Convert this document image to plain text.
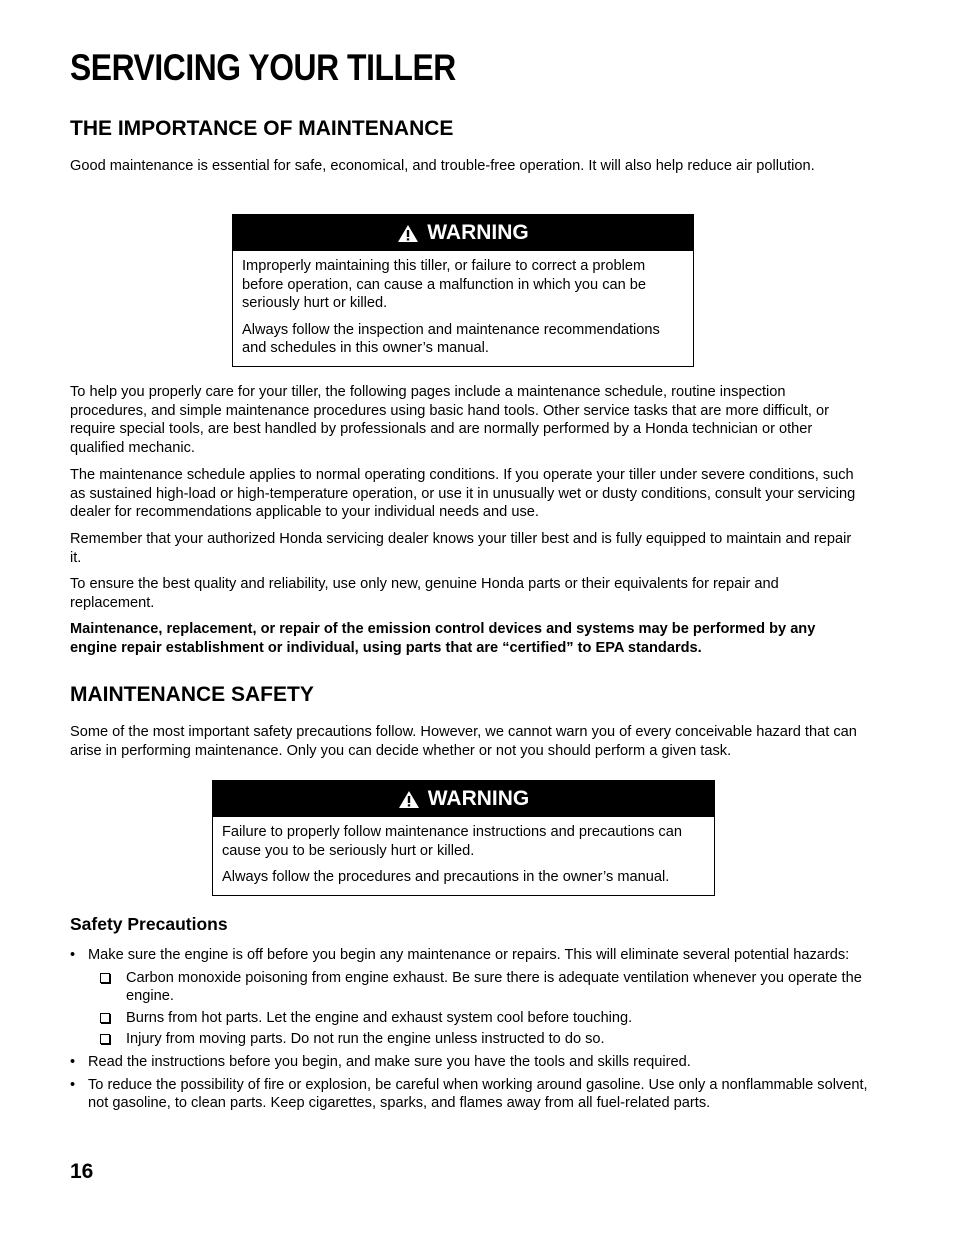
SERVICING YOUR TILLER
THE IMPORTANCE OF MAINTENANCE

Good maintenance is essential for safe, economical, and trouble-free operation. It will also help reduce air pollution.

WARNING

Improperly maintaining this tiller, or failure to correct a problem before operation, can cause a malfunction in which you can be seriously hurt or killed.

Always follow the inspection and maintenance recommendations and schedules in this owner’s manual.

To help you properly care for your tiller, the following pages include a maintenance schedule, routine inspection procedures, and simple maintenance procedures using basic hand tools. Other service tasks that are more difficult, or require special tools, are best handled by professionals and are normally performed by a Honda technician or other qualified mechanic.

The maintenance schedule applies to normal operating conditions. If you operate your tiller under severe conditions, such as sustained high-load or high-temperature operation, or use it in unusually wet or dusty conditions, consult your servicing dealer for recommendations applicable to your individual needs and use.

Remember that your authorized Honda servicing dealer knows your tiller best and is fully equipped to maintain and repair it.

To ensure the best quality and reliability, use only new, genuine Honda parts or their equivalents for repair and replacement.

Maintenance, replacement, or repair of the emission control devices and systems may be performed by any engine repair establishment or individual, using parts that are “certified” to EPA standards.

MAINTENANCE SAFETY

Some of the most important safety precautions follow. However, we cannot warn you of every conceivable hazard that can arise in performing maintenance. Only you can decide whether or not you should perform a given task.

WARNING

Failure to properly follow maintenance instructions and precautions can cause you to be seriously hurt or killed.

Always follow the procedures and precautions in the owner’s manual.

Safety Precautions
• Make sure the engine is off before you begin any maintenance or repairs. This will eliminate several potential hazards:
Carbon monoxide poisoning from engine exhaust. Be sure there is adequate ventilation whenever you operate the engine.
Burns from hot parts. Let the engine and exhaust system cool before touching.
Injury from moving parts. Do not run the engine unless instructed to do so.
• Read the instructions before you begin, and make sure you have the tools and skills required.
• To reduce the possibility of fire or explosion, be careful when working around gasoline. Use only a nonflammable solvent, not gasoline, to clean parts. Keep cigarettes, sparks, and flames away from all fuel-related parts.
16
